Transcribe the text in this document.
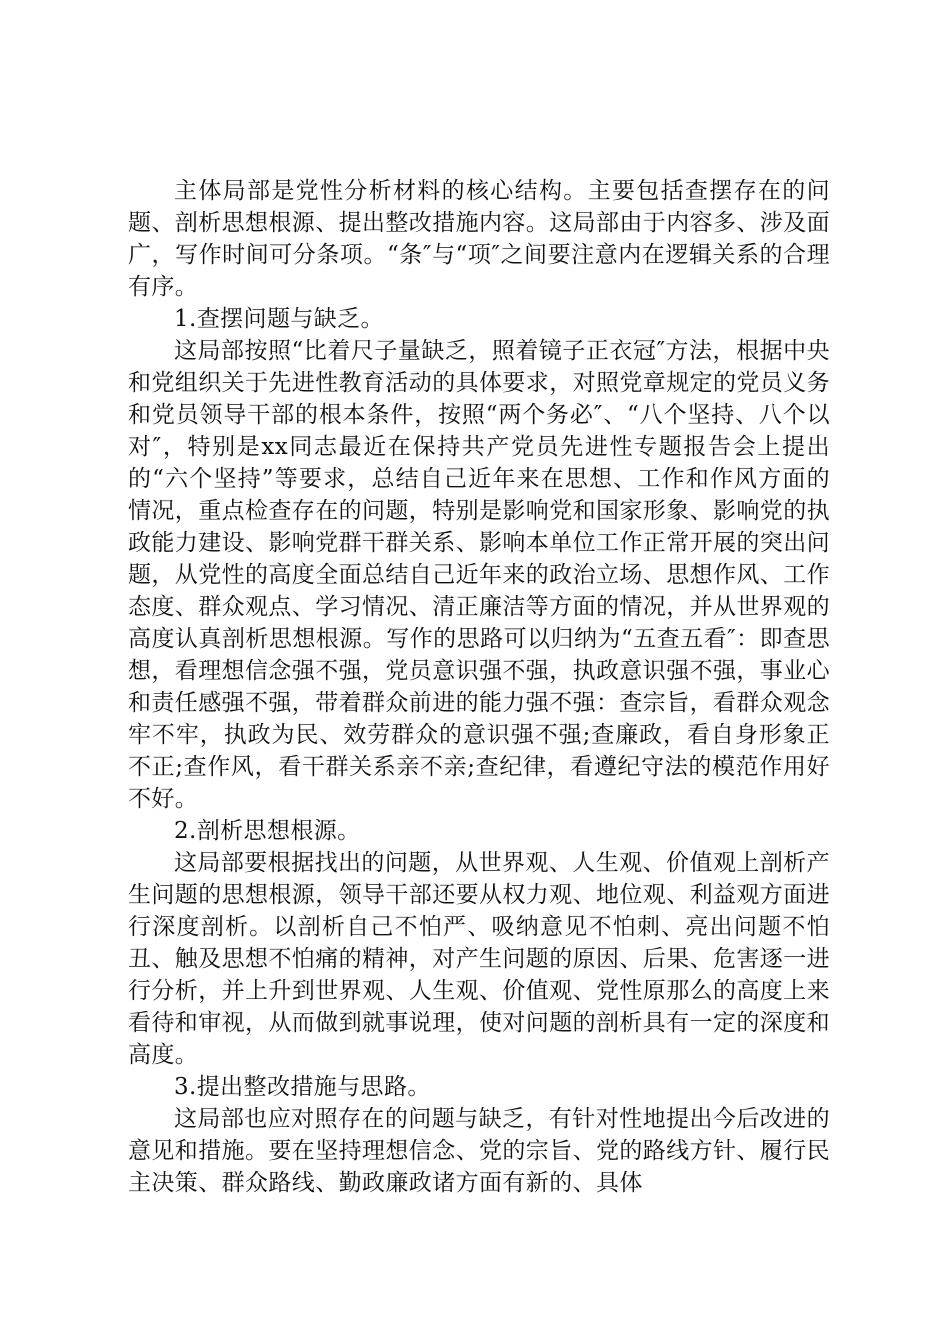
主体局部是党性分析材料的核心结构。主要包括查摆存在的问题、剖析思想根源、提出整改措施内容。这局部由于内容多、涉及面广，写作时间可分条项。“条″与“项″之间要注意内在逻辑关系的合理有序。

1.查摆问题与缺乏。

这局部按照“比着尺子量缺乏，照着镜子正衣冠″方法，根据中央和党组织关于先进性教育活动的具体要求，对照党章规定的党员义务和党员领导干部的根本条件，按照“两个务必″、“八个坚持、八个以对″，特别是xx同志最近在保持共产党员先进性专题报告会上提出的“六个坚持”等要求，总结自己近年来在思想、工作和作风方面的情况，重点检查存在的问题，特别是影响党和国家形象、影响党的执政能力建设、影响党群干群关系、影响本单位工作正常开展的突出问题，从党性的高度全面总结自己近年来的政治立场、思想作风、工作态度、群众观点、学习情况、清正廉洁等方面的情况，并从世界观的高度认真剖析思想根源。写作的思路可以归纳为“五查五看″：即查思想，看理想信念强不强，党员意识强不强，执政意识强不强，事业心和责任感强不强，带着群众前进的能力强不强：查宗旨，看群众观念牢不牢，执政为民、效劳群众的意识强不强;查廉政，看自身形象正不正;查作风，看干群关系亲不亲;查纪律，看遵纪守法的模范作用好不好。

2.剖析思想根源。

这局部要根据找出的问题，从世界观、人生观、价值观上剖析产生问题的思想根源，领导干部还要从权力观、地位观、利益观方面进行深度剖析。以剖析自己不怕严、吸纳意见不怕刺、亮出问题不怕丑、触及思想不怕痛的精神，对产生问题的原因、后果、危害逐一进行分析，并上升到世界观、人生观、价值观、党性原那么的高度上来看待和审视，从而做到就事说理，使对问题的剖析具有一定的深度和高度。

3.提出整改措施与思路。

这局部也应对照存在的问题与缺乏，有针对性地提出今后改进的意见和措施。要在坚持理想信念、党的宗旨、党的路线方针、履行民主决策、群众路线、勤政廉政诸方面有新的、具体
